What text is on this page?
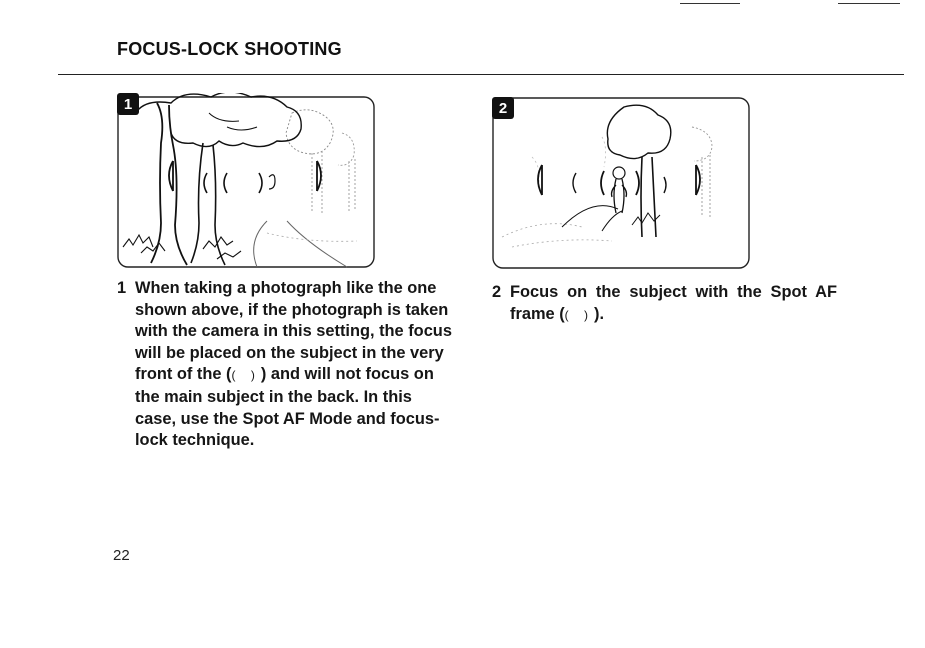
FOCUS-LOCK SHOOTING
1	2
1 When taking a photograph like the one shown above, if the photograph is taken with the camera in this setting, the focus will be placed on the subject in the very front of the (( )) and will not focus on the main subject in the back. In this case, use the Spot AF Mode and focus-lock technique.
2 Focus on the subject with the Spot AF frame (( )).
22
